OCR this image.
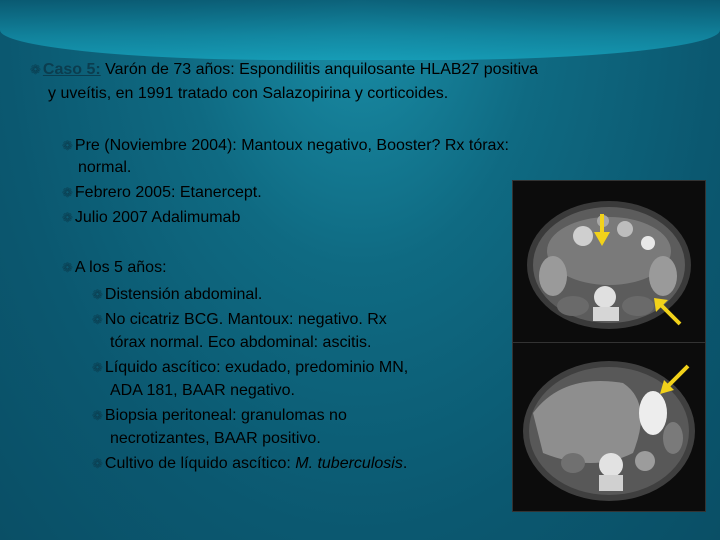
❁ Caso 5: Varón de 73 años: Espondilitis anquilosante HLAB27 positiva
y uveítis, en 1991 tratado con Salazopirina y corticoides.
❁ Pre (Noviembre 2004): Mantoux negativo, Booster? Rx tórax:
normal.
❁ Febrero 2005: Etanercept.
❁ Julio 2007 Adalimumab
❁ A los 5 años:
❁ Distensión abdominal.
❁ No cicatriz BCG. Mantoux: negativo. Rx
tórax normal. Eco abdominal: ascitis.
❁ Líquido ascítico: exudado, predominio MN,
ADA 181, BAAR negativo.
❁ Biopsia peritoneal: granulomas no
necrotizantes, BAAR positivo.
❁ Cultivo de líquido ascítico: M. tuberculosis.
